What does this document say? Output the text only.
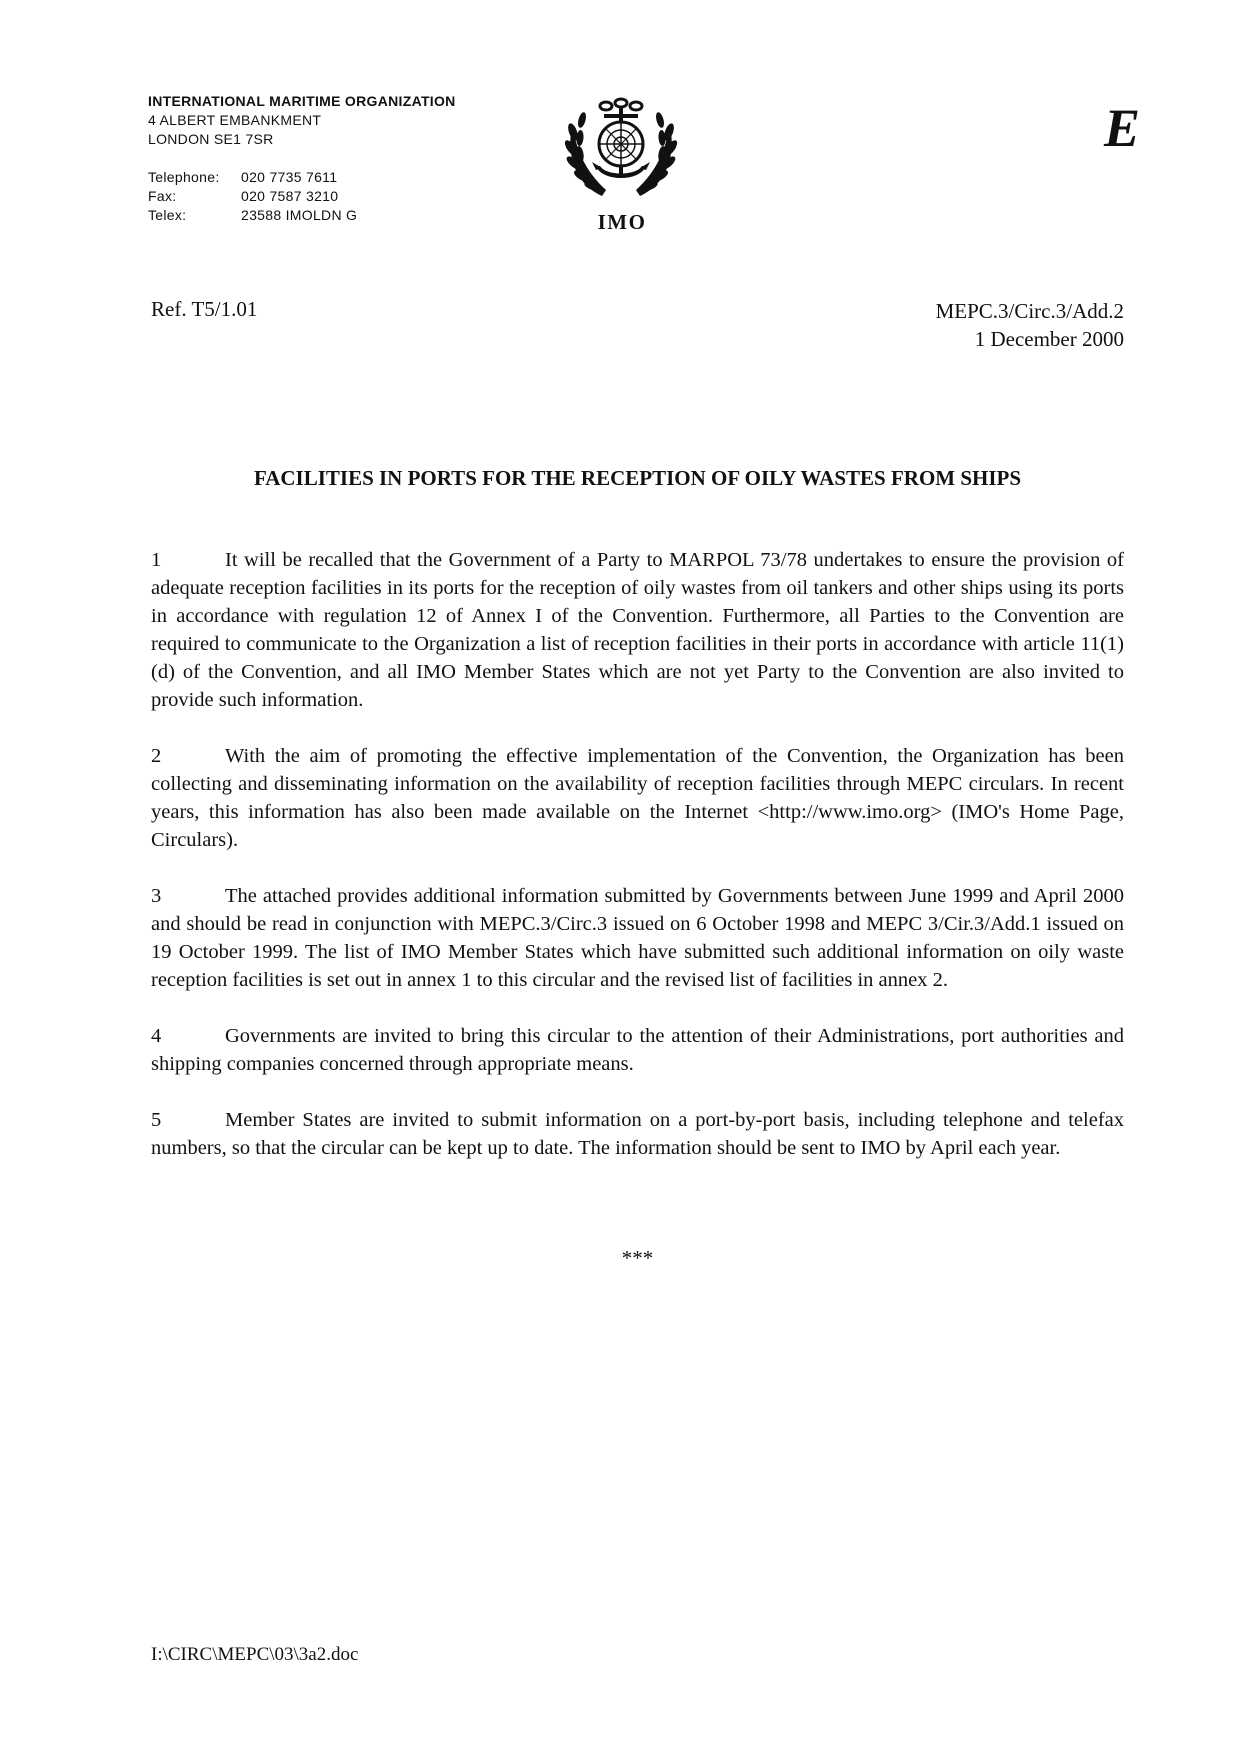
INTERNATIONAL MARITIME ORGANIZATION
4 ALBERT EMBANKMENT
LONDON SE1 7SR
Telephone:	020 7735 7611
Fax:	020 7587 3210
Telex:	23588 IMOLDN G	IMO
E
Ref. T5/1.01	MEPC.3/Circ.3/Add.2
1 December 2000
FACILITIES IN PORTS FOR THE RECEPTION OF OILY WASTES FROM SHIPS

1	It will be recalled that the Government of a Party to MARPOL 73/78 undertakes to ensure the provision of adequate reception facilities in its ports for the reception of oily wastes from oil tankers and other ships using its ports in accordance with regulation 12 of Annex I of the Convention. Furthermore, all Parties to the Convention are required to communicate to the Organization a list of reception facilities in their ports in accordance with article 11(1)(d) of the Convention, and all IMO Member States which are not yet Party to the Convention are also invited to provide such information.

2	With the aim of promoting the effective implementation of the Convention, the Organization has been collecting and disseminating information on the availability of reception facilities through MEPC circulars. In recent years, this information has also been made available on the Internet <http://www.imo.org> (IMO's Home Page, Circulars).

3	The attached provides additional information submitted by Governments between June 1999 and April 2000 and should be read in conjunction with MEPC.3/Circ.3 issued on 6 October 1998 and MEPC 3/Cir.3/Add.1 issued on 19 October 1999. The list of IMO Member States which have submitted such additional information on oily waste reception facilities is set out in annex 1 to this circular and the revised list of facilities in annex 2.

4	Governments are invited to bring this circular to the attention of their Administrations, port authorities and shipping companies concerned through appropriate means.

5	Member States are invited to submit information on a port-by-port basis, including telephone and telefax numbers, so that the circular can be kept up to date. The information should be sent to IMO by April each year.

***
I:\CIRC\MEPC\03\3a2.doc
